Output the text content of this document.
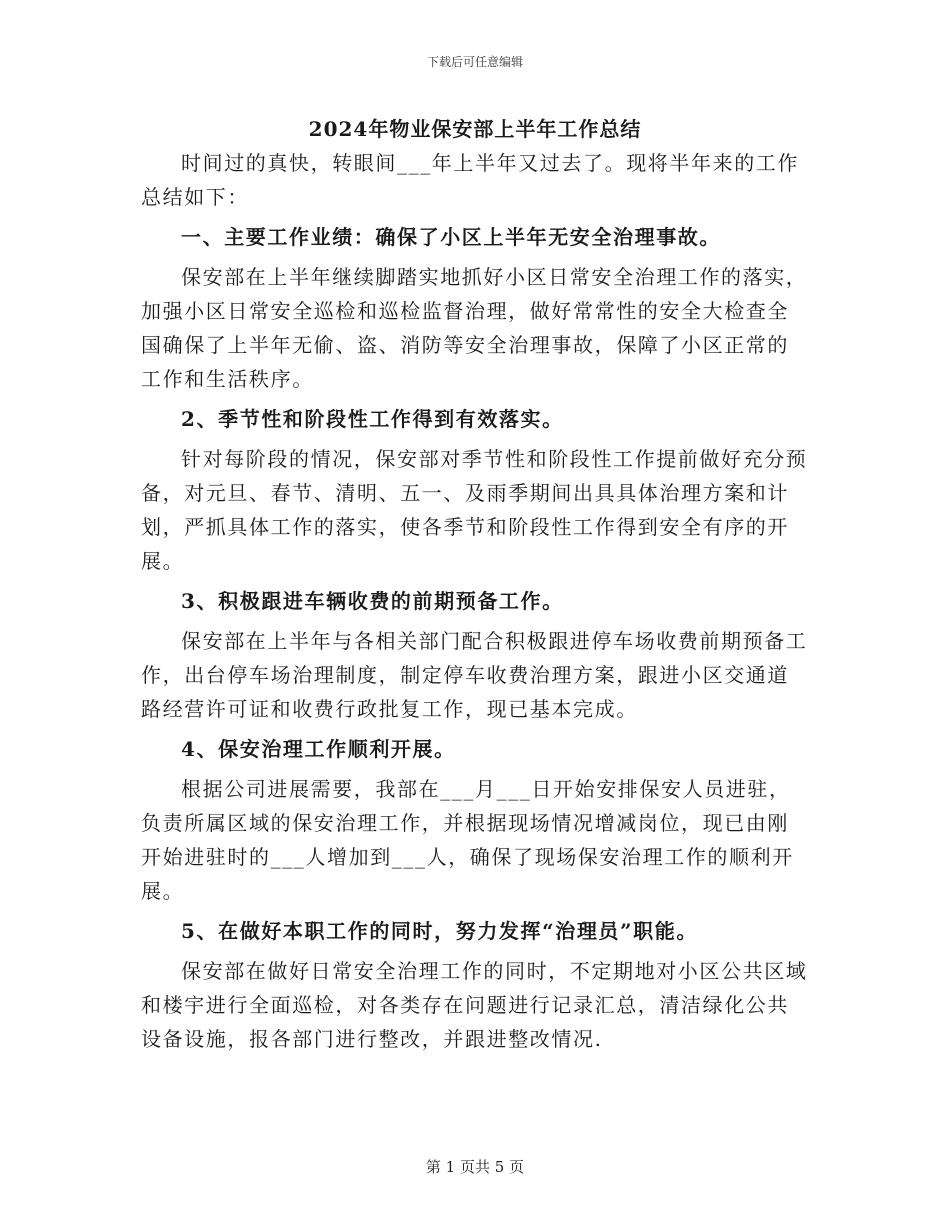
下载后可任意编辑
2024年物业保安部上半年工作总结

时间过的真快，转眼间___年上半年又过去了。现将半年来的工作总结如下：

一、主要工作业绩：确保了小区上半年无安全治理事故。

保安部在上半年继续脚踏实地抓好小区日常安全治理工作的落实，加强小区日常安全巡检和巡检监督治理，做好常常性的安全大检查全国确保了上半年无偷、盗、消防等安全治理事故，保障了小区正常的工作和生活秩序。

2、季节性和阶段性工作得到有效落实。

针对每阶段的情况，保安部对季节性和阶段性工作提前做好充分预备，对元旦、春节、清明、五一、及雨季期间出具具体治理方案和计划，严抓具体工作的落实，使各季节和阶段性工作得到安全有序的开展。

3、积极跟进车辆收费的前期预备工作。

保安部在上半年与各相关部门配合积极跟进停车场收费前期预备工作，出台停车场治理制度，制定停车收费治理方案，跟进小区交通道路经营许可证和收费行政批复工作，现已基本完成。

4、保安治理工作顺利开展。

根据公司进展需要，我部在___月___日开始安排保安人员进驻，负责所属区域的保安治理工作，并根据现场情况增减岗位，现已由刚开始进驻时的___人增加到___人，确保了现场保安治理工作的顺利开展。

5、在做好本职工作的同时，努力发挥“治理员”职能。

保安部在做好日常安全治理工作的同时，不定期地对小区公共区域和楼宇进行全面巡检，对各类存在问题进行记录汇总，清洁绿化公共设备设施，报各部门进行整改，并跟进整改情况.

第 1 页共 5 页
